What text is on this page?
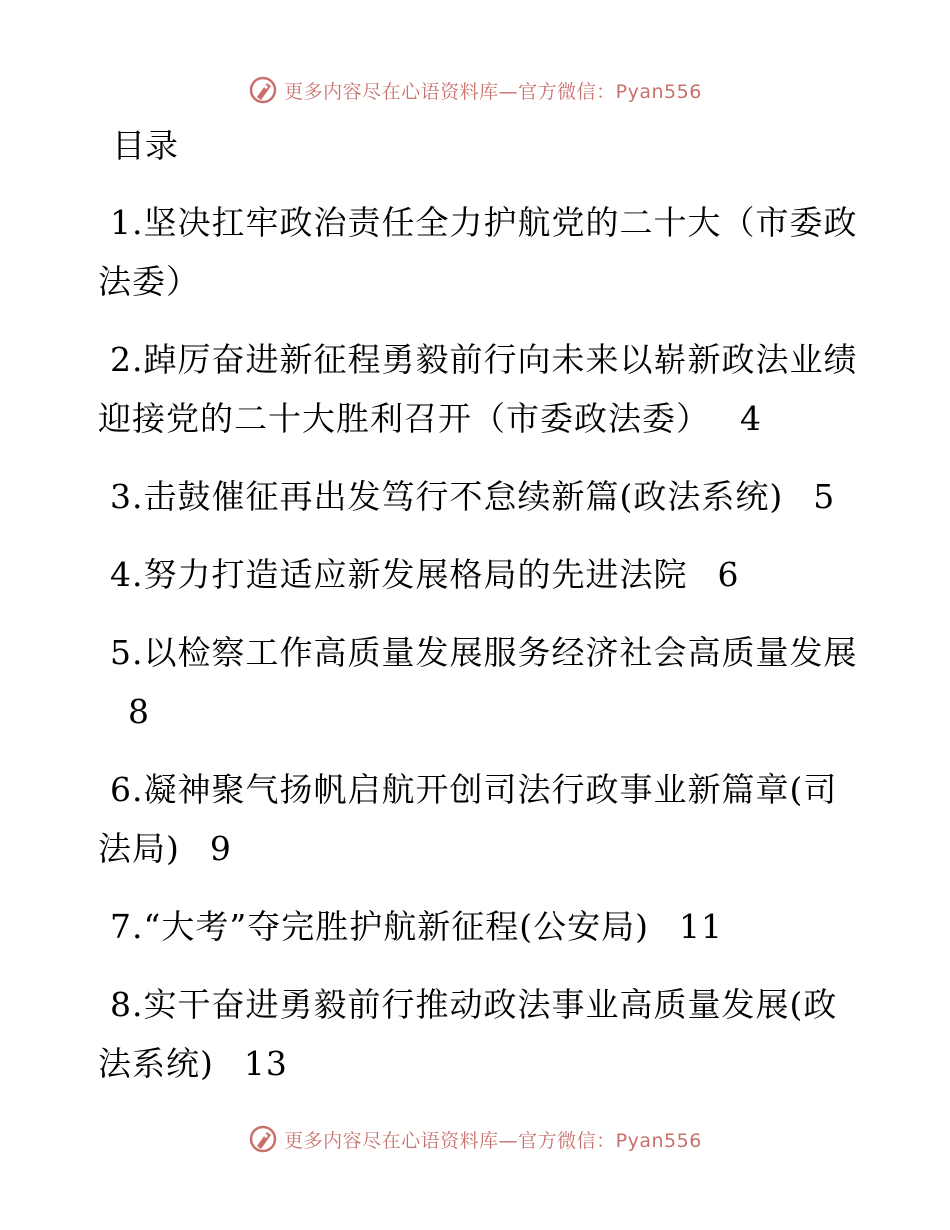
更多内容尽在心语资料库—官方微信：Pyan556
目录
1.坚决扛牢政治责任全力护航党的二十大（市委政法委）
2.踔厉奋进新征程勇毅前行向未来以崭新政法业绩迎接党的二十大胜利召开（市委政法委） 4
3.击鼓催征再出发笃行不怠续新篇(政法系统) 5
4.努力打造适应新发展格局的先进法院 6
5.以检察工作高质量发展服务经济社会高质量发展8
6.凝神聚气扬帆启航开创司法行政事业新篇章(司法局) 9
7.“大考”夺完胜护航新征程(公安局) 11
8.实干奋进勇毅前行推动政法事业高质量发展(政法系统) 13
更多内容尽在心语资料库—官方微信：Pyan556
